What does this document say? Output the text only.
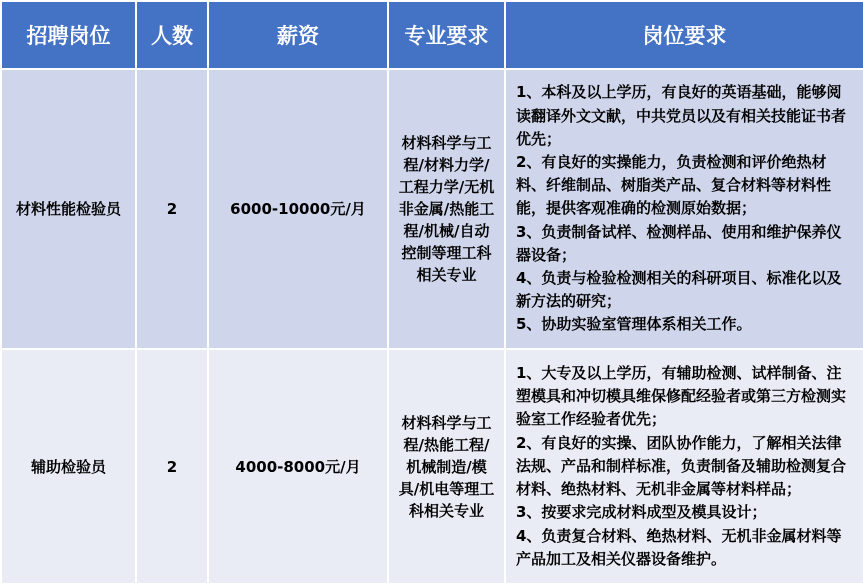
招聘岗位	人数	薪资	专业要求	岗位要求
材料性能检验员	2	6000-10000元/月	材料科学与工程/材料力学/工程力学/无机非金属/热能工程/机械/自动控制等理工科相关专业	1、本科及以上学历，有良好的英语基础，能够阅读翻译外文文献，中共党员以及有相关技能证书者优先；
2、有良好的实操能力，负责检测和评价绝热材料、纤维制品、树脂类产品、复合材料等材料性能，提供客观准确的检测原始数据；
3、负责制备试样、检测样品、使用和维护保养仪器设备；
4、负责与检验检测相关的科研项目、标准化以及新方法的研究；
5、协助实验室管理体系相关工作。

辅助检验员	2	4000-8000元/月	材料科学与工程/热能工程/机械制造/模具/机电等理工科相关专业	1、大专及以上学历，有辅助检测、试样制备、注塑模具和冲切模具维保修配经验者或第三方检测实验室工作经验者优先；
2、有良好的实操、团队协作能力，了解相关法律法规、产品和制样标准，负责制备及辅助检测复合材料、绝热材料、无机非金属等材料样品；
3、按要求完成材料成型及模具设计；
4、负责复合材料、绝热材料、无机非金属材料等产品加工及相关仪器设备维护。
